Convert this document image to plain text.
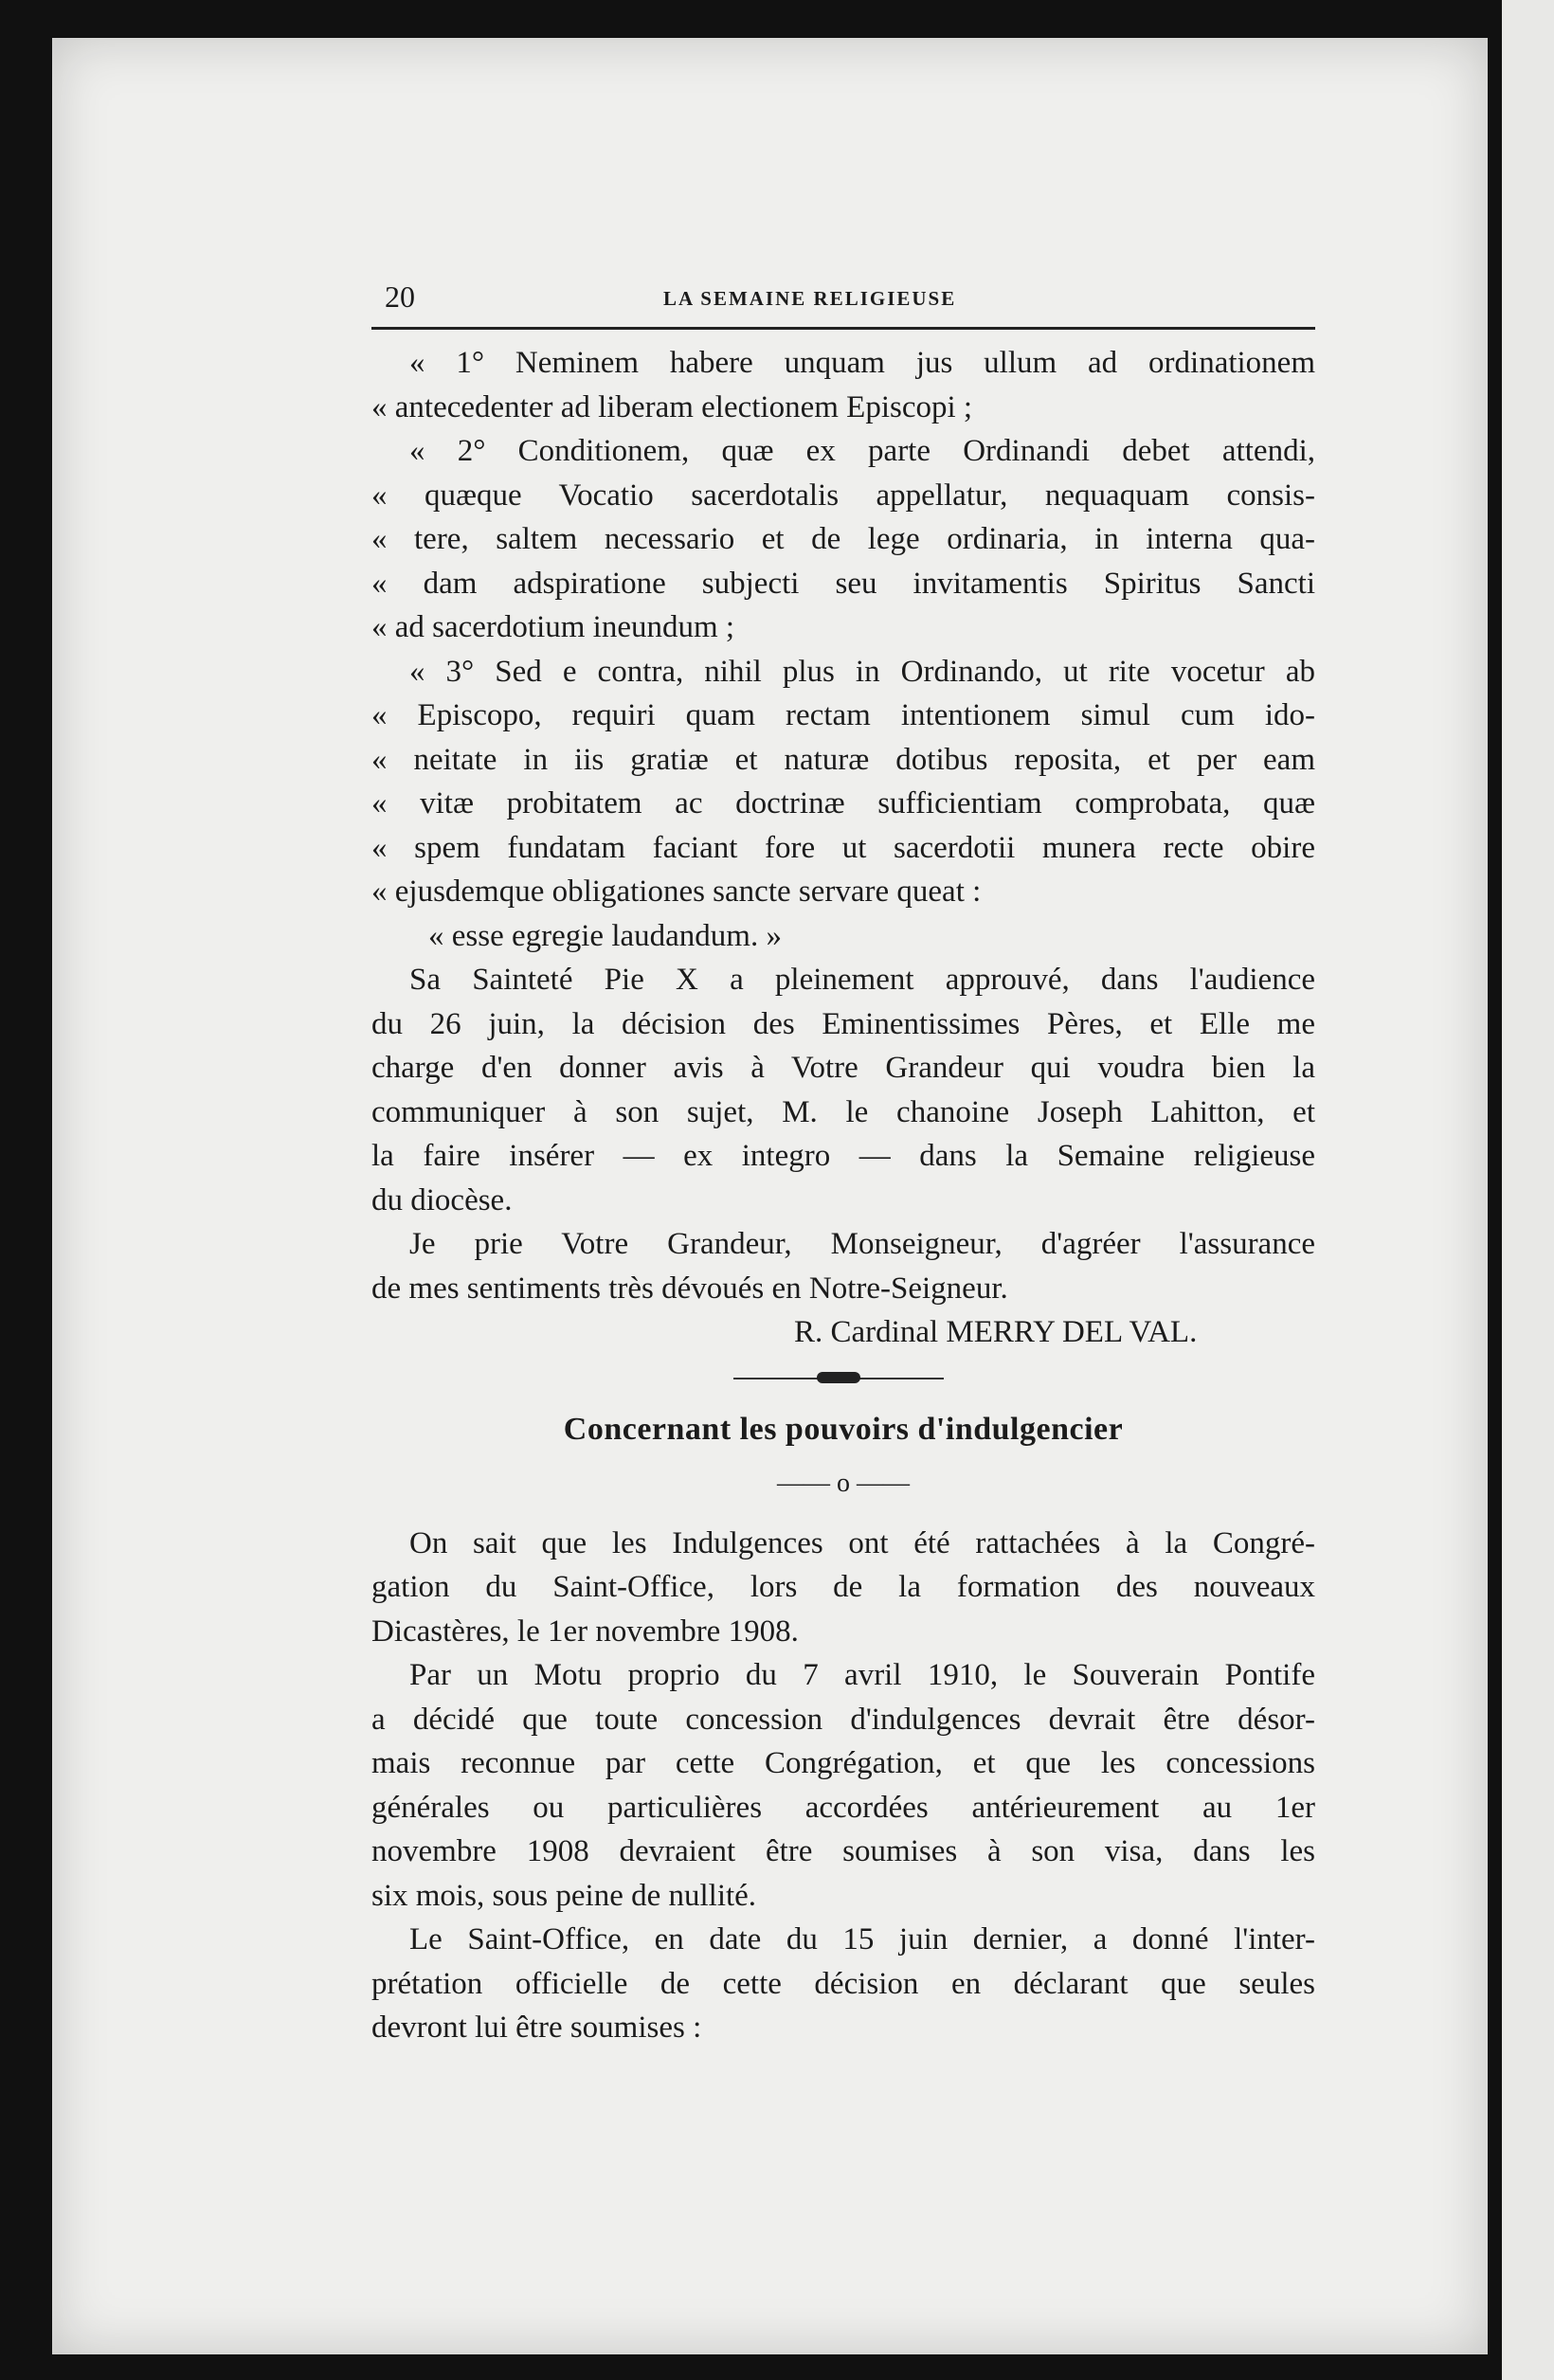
20	LA SEMAINE RELIGIEUSE
« 1° Neminem habere unquam jus ullum ad ordinationem
« antecedenter ad liberam electionem Episcopi ;
« 2° Conditionem, quæ ex parte Ordinandi debet attendi,
« quæque Vocatio sacerdotalis appellatur, nequaquam consis-
« tere, saltem necessario et de lege ordinaria, in interna qua-
« dam adspiratione subjecti seu invitamentis Spiritus Sancti
« ad sacerdotium ineundum ;
« 3° Sed e contra, nihil plus in Ordinando, ut rite vocetur ab
« Episcopo, requiri quam rectam intentionem simul cum ido-
« neitate in iis gratiæ et naturæ dotibus reposita, et per eam
« vitæ probitatem ac doctrinæ sufficientiam comprobata, quæ
« spem fundatam faciant fore ut sacerdotii munera recte obire
« ejusdemque obligationes sancte servare queat :
« esse egregie laudandum. »
Sa Sainteté Pie X a pleinement approuvé, dans l'audience
du 26 juin, la décision des Eminentissimes Pères, et Elle me
charge d'en donner avis à Votre Grandeur qui voudra bien la
communiquer à son sujet, M. le chanoine Joseph Lahitton, et
la faire insérer — ex integro — dans la Semaine religieuse
du diocèse.
Je prie Votre Grandeur, Monseigneur, d'agréer l'assurance
de mes sentiments très dévoués en Notre-Seigneur.
R. Cardinal MERRY DEL VAL.
Concernant les pouvoirs d'indulgencier
—— o ——
On sait que les Indulgences ont été rattachées à la Congré-
gation du Saint-Office, lors de la formation des nouveaux
Dicastères, le 1er novembre 1908.
Par un Motu proprio du 7 avril 1910, le Souverain Pontife
a décidé que toute concession d'indulgences devrait être désor-
mais reconnue par cette Congrégation, et que les concessions
générales ou particulières accordées antérieurement au 1er
novembre 1908 devraient être soumises à son visa, dans les
six mois, sous peine de nullité.
Le Saint-Office, en date du 15 juin dernier, a donné l'inter-
prétation officielle de cette décision en déclarant que seules
devront lui être soumises :
